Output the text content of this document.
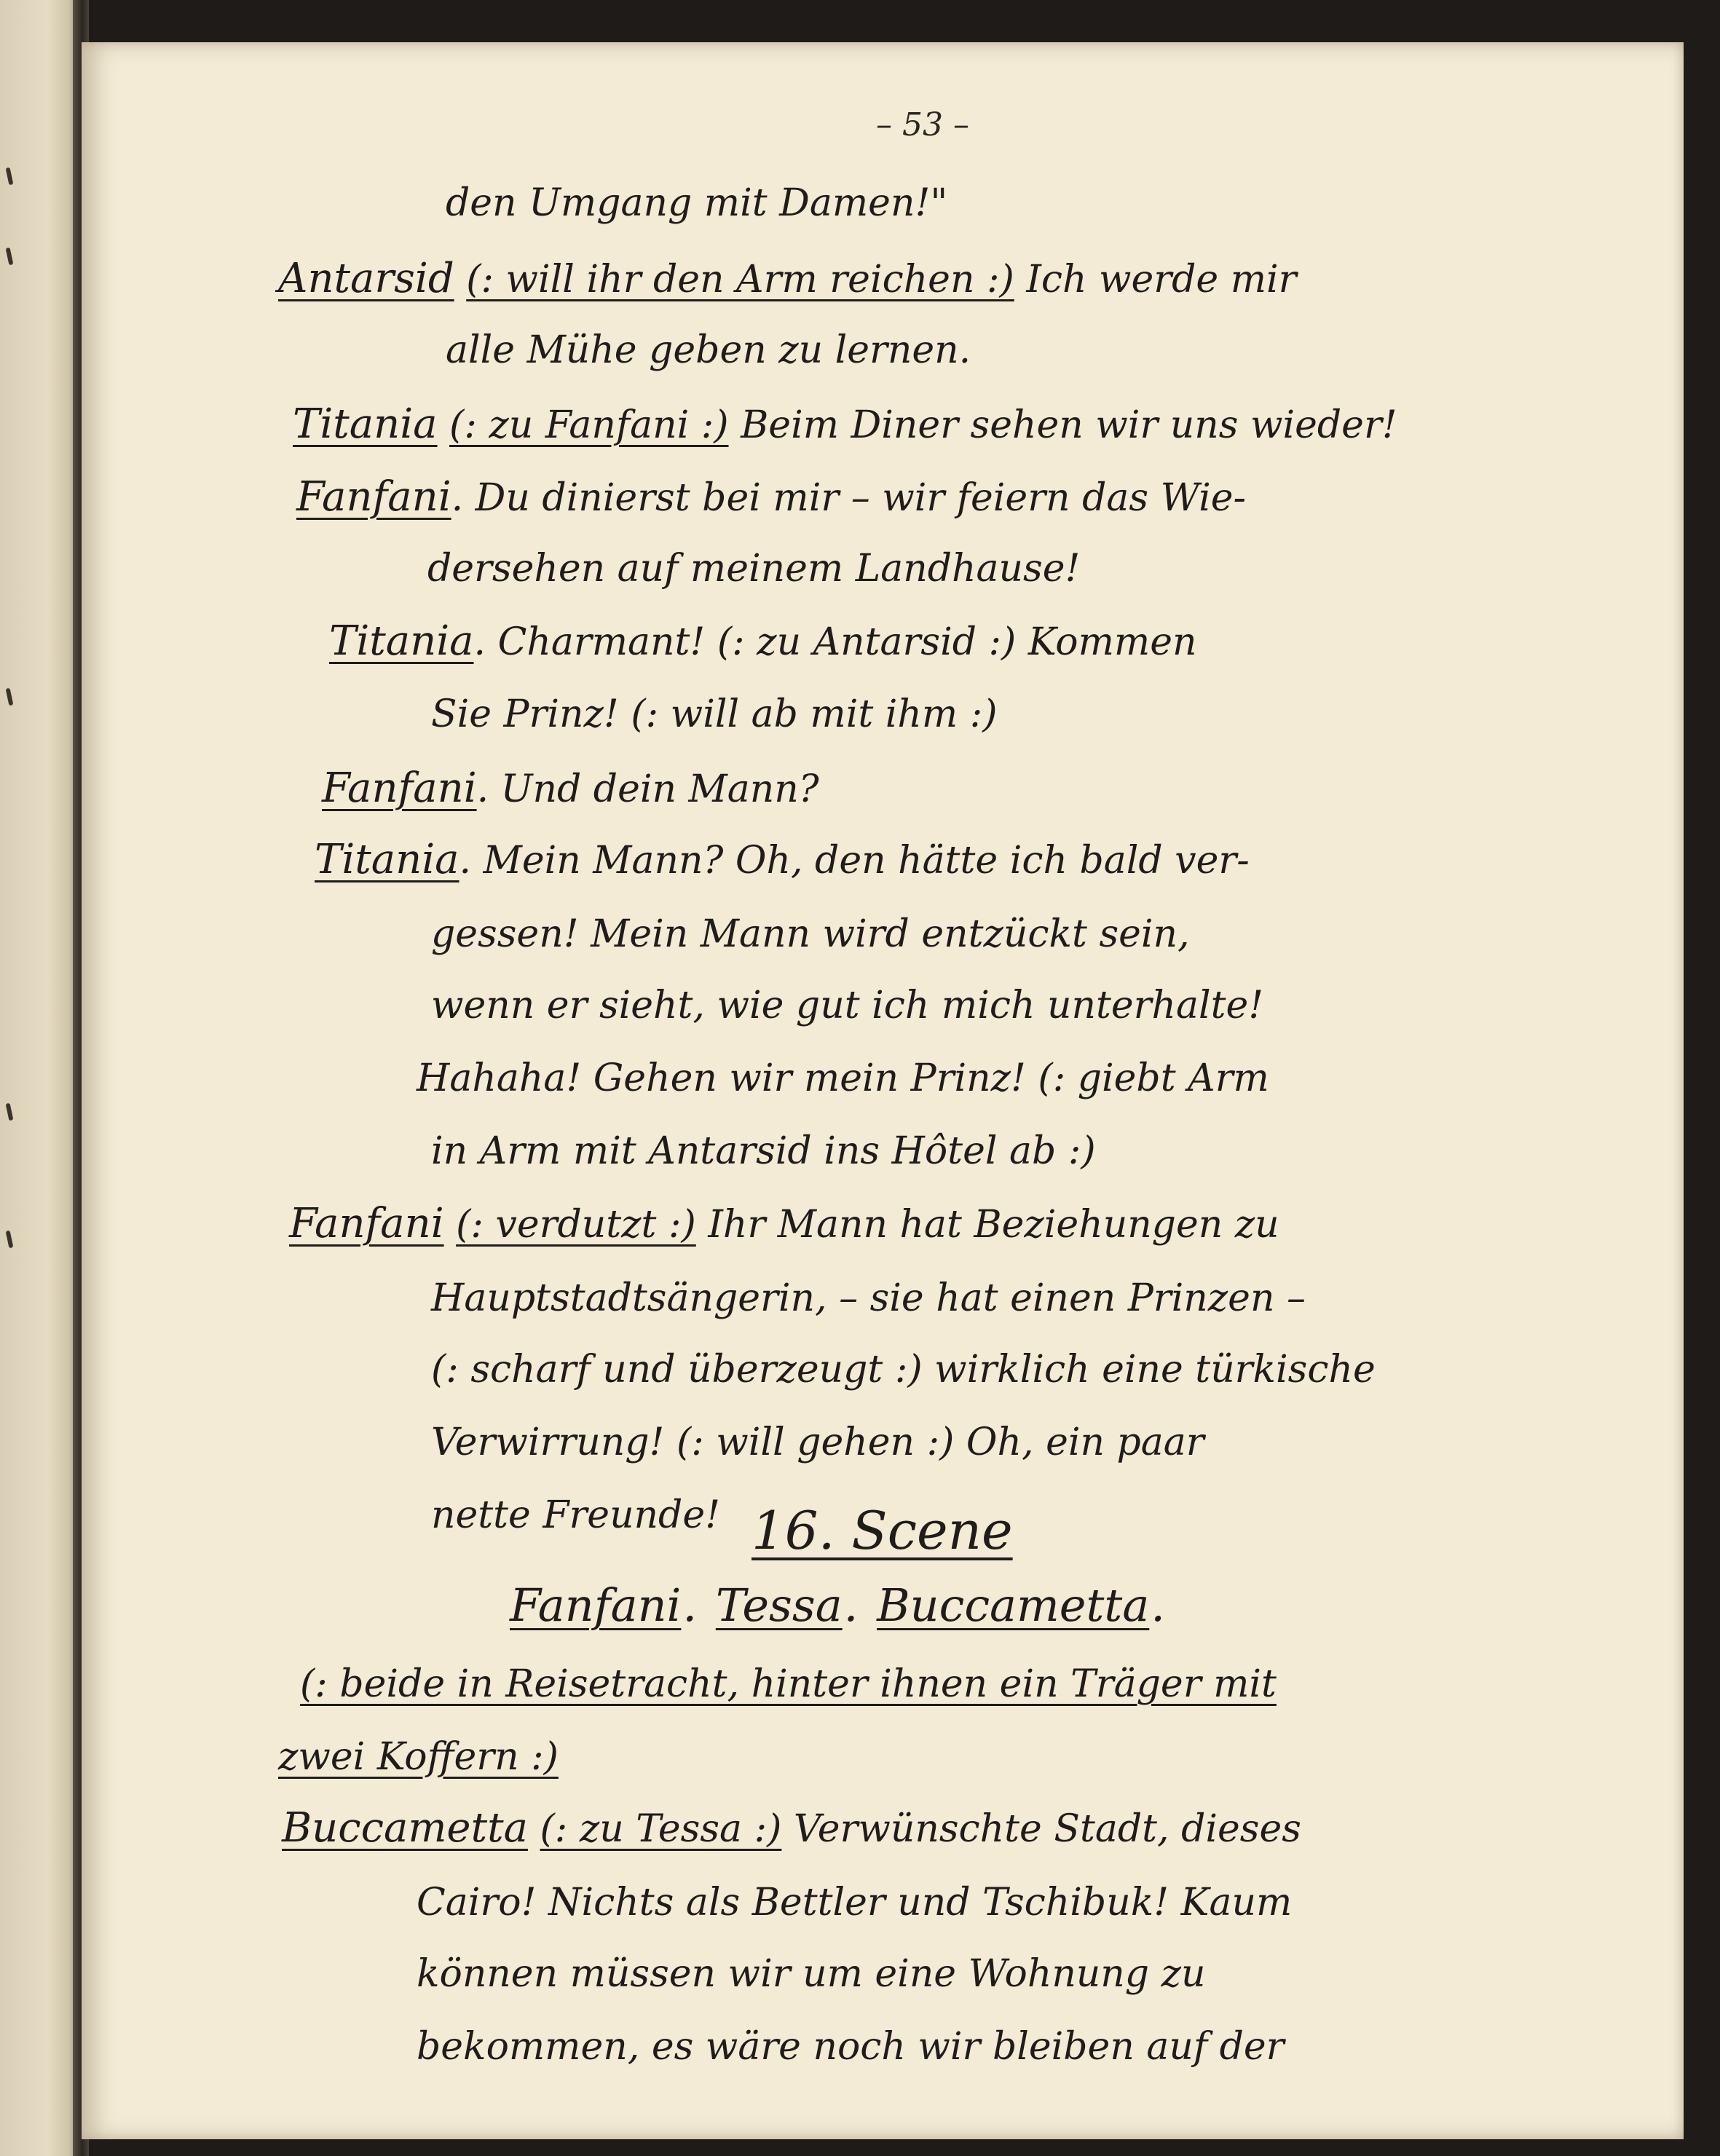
– 53 –
den Umgang mit Damen!"
Antarsid (: will ihr den Arm reichen :) Ich werde mir
alle Mühe geben zu lernen.
Titania (: zu Fanfani :) Beim Diner sehen wir uns wieder!
Fanfani. Du dinierst bei mir – wir feiern das Wie-
dersehen auf meinem Landhause!
Titania. Charmant! (: zu Antarsid :) Kommen
Sie Prinz! (: will ab mit ihm :)
Fanfani. Und dein Mann?
Titania. Mein Mann? Oh, den hätte ich bald ver-
gessen! Mein Mann wird entzückt sein,
wenn er sieht, wie gut ich mich unterhalte!
Hahaha! Gehen wir mein Prinz! (: giebt Arm
in Arm mit Antarsid ins Hôtel ab :)
Fanfani (: verdutzt :) Ihr Mann hat Beziehungen zu
Hauptstadtsängerin, – sie hat einen Prinzen –
(: scharf und überzeugt :) wirklich eine türkische
Verwirrung! (: will gehen :) Oh, ein paar
nette Freunde! 16. Scene
Fanfani. Tessa. Buccametta.
(: beide in Reisetracht, hinter ihnen ein Träger mit
zwei Koffern :)
Buccametta (: zu Tessa :) Verwünschte Stadt, dieses
Cairo! Nichts als Bettler und Tschibuk! Kaum
können müssen wir um eine Wohnung zu
bekommen, es wäre noch wir bleiben auf der
